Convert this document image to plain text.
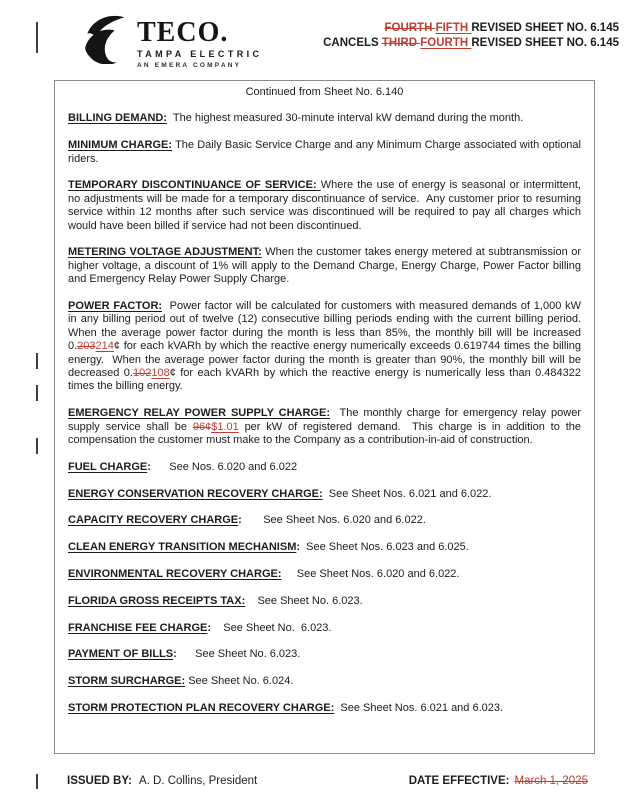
TECO.
TAMPA ELECTRIC
AN EMERA COMPANY
FOURTH FIFTH REVISED SHEET NO. 6.145
CANCELS THIRD FOURTH REVISED SHEET NO. 6.145
Continued from Sheet No. 6.140

BILLING DEMAND:  The highest measured 30-minute interval kW demand during the month.

MINIMUM CHARGE: The Daily Basic Service Charge and any Minimum Charge associated with optional riders.

TEMPORARY DISCONTINUANCE OF SERVICE: Where the use of energy is seasonal or intermittent, no adjustments will be made for a temporary discontinuance of service.  Any customer prior to resuming service within 12 months after such service was discontinued will be required to pay all charges which would have been billed if service had not been discontinued.

METERING VOLTAGE ADJUSTMENT: When the customer takes energy metered at subtransmission or higher voltage, a discount of 1% will apply to the Demand Charge, Energy Charge, Power Factor billing and Emergency Relay Power Supply Charge.

POWER FACTOR:  Power factor will be calculated for customers with measured demands of 1,000 kW in any billing period out of twelve (12) consecutive billing periods ending with the current billing period.  When the average power factor during the month is less than 85%, the monthly bill will be increased 0.203214¢ for each kVARh by which the reactive energy numerically exceeds 0.619744 times the billing energy.  When the average power factor during the month is greater than 90%, the monthly bill will be decreased 0.102108¢ for each kVARh by which the reactive energy is numerically less than 0.484322 times the billing energy.

EMERGENCY RELAY POWER SUPPLY CHARGE:  The monthly charge for emergency relay power supply service shall be 96¢$1.01 per kW of registered demand.  This charge is in addition to the compensation the customer must make to the Company as a contribution-in-aid of construction.

FUEL CHARGE:      See Nos. 6.020 and 6.022

ENERGY CONSERVATION RECOVERY CHARGE:  See Sheet Nos. 6.021 and 6.022.

CAPACITY RECOVERY CHARGE:       See Sheet Nos. 6.020 and 6.022.

CLEAN ENERGY TRANSITION MECHANISM:  See Sheet Nos. 6.023 and 6.025.

ENVIRONMENTAL RECOVERY CHARGE:     See Sheet Nos. 6.020 and 6.022.

FLORIDA GROSS RECEIPTS TAX:    See Sheet No. 6.023.

FRANCHISE FEE CHARGE:    See Sheet No.  6.023.

PAYMENT OF BILLS:      See Sheet No. 6.023.

STORM SURCHARGE: See Sheet No. 6.024.

STORM PROTECTION PLAN RECOVERY CHARGE:  See Sheet Nos. 6.021 and 6.023.

ISSUED BY: A. D. Collins, President	DATE EFFECTIVE: March 1, 2025
